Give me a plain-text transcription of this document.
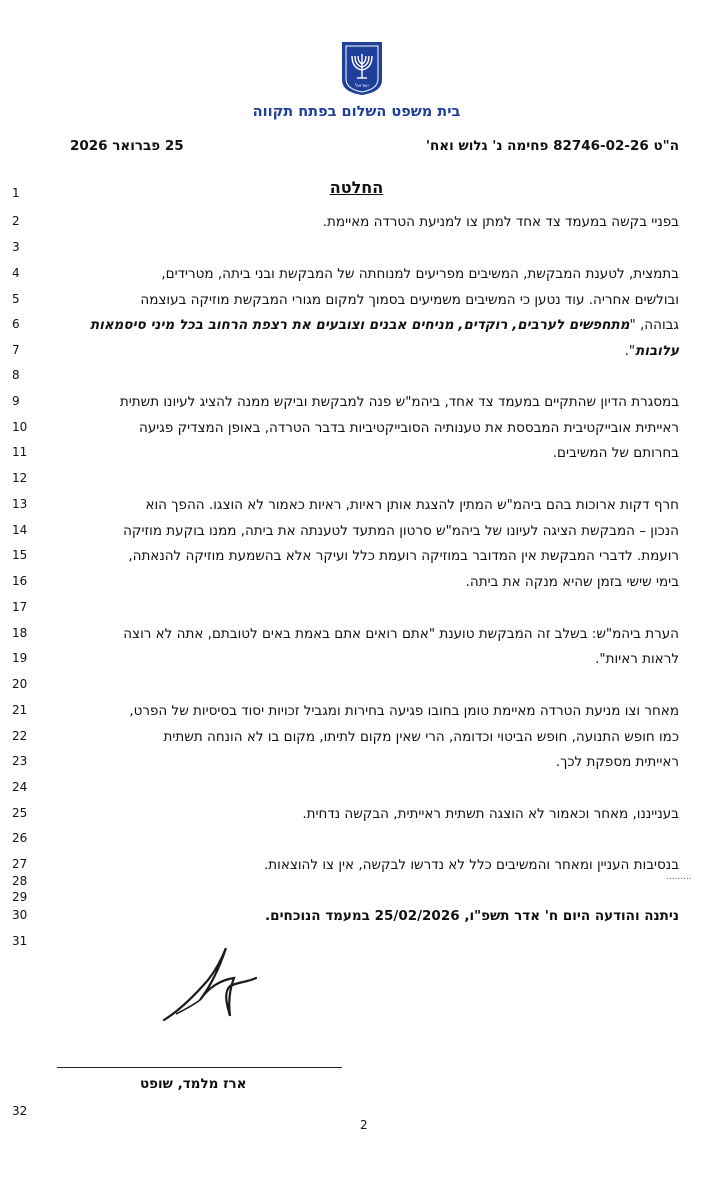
ישראל
בית משפט השלום בפתח תקווה
ה"ט 82746-02-26 פחימה נ' גלוש ואח'
25 פברואר 2026
החלטה
1
2	בפניי בקשה במעמד צד אחד למתן צו למניעת הטרדה מאיימת.
3
4	בתמצית, לטענת המבקשת, המשיבים מפריעים למנוחתה של המבקשת ובני ביתה, מטרידים,
5	ובולשים אחריה. עוד נטען כי המשיבים משמיעים בסמוך למקום מגורי המבקשת מוזיקה בעוצמה
6	גבוהה, "מתחפשים לערבים, רוקדים, מניחים אבנים וצובעים את רצפת הרחוב בכל מיני סיסמאות
7	עלובות".
8
9	במסגרת הדיון שהתקיים במעמד צד אחד, ביהמ"ש פנה למבקשת וביקש ממנה להציג לעיונו תשתית
10	ראייתית אובייקטיבית המבססת את טענותיה הסובייקטיביות בדבר הטרדה, באופן המצדיק פגיעה
11	בחרותם של המשיבים.
12
13	חרף דקות ארוכות בהם ביהמ"ש המתין להצגת אותן ראיות, ראיות כאמור לא הוצגו. ההפך הוא
14	הנכון – המבקשת הציגה לעיונו של ביהמ"ש סרטון המתעד לטענתה את ביתה, ממנו בוקעת מוזיקה
15	רועמת. לדברי המבקשת אין המדובר במוזיקה רועמת כלל ועיקר אלא בהשמעת מוזיקה להנאתה,
16	בימי שישי בזמן שהיא מנקה את ביתה.
17
18	הערת ביהמ"ש: בשלב זה המבקשת טוענת "אתם רואים אתם באמת באים לטובתם, אתה לא רוצה
19	לראות ראיות".
20
21	מאחר וצו מניעת הטרדה מאיימת טומן בחובו פגיעה בחירות ומגביל זכויות יסוד בסיסיות של הפרט,
22	כמו חופש התנועה, חופש הביטוי וכדומה, הרי שאין מקום לתיתו, מקום בו לא הונחה תשתית
23	ראייתית מספקת לכך.
24
25	בענייננו, מאחר וכאמור לא הוצגה תשתית ראייתית, הבקשה נדחית.
26
27	בנסיבות העניין ומאחר והמשיבים כלל לא נדרשו לבקשה, אין צו להוצאות.
28
29
30	ניתנה והודעה היום ח' אדר תשפ"ו, 25/02/2026 במעמד הנוכחים.
31
32
ארז מלמד, שופט
2
.........
